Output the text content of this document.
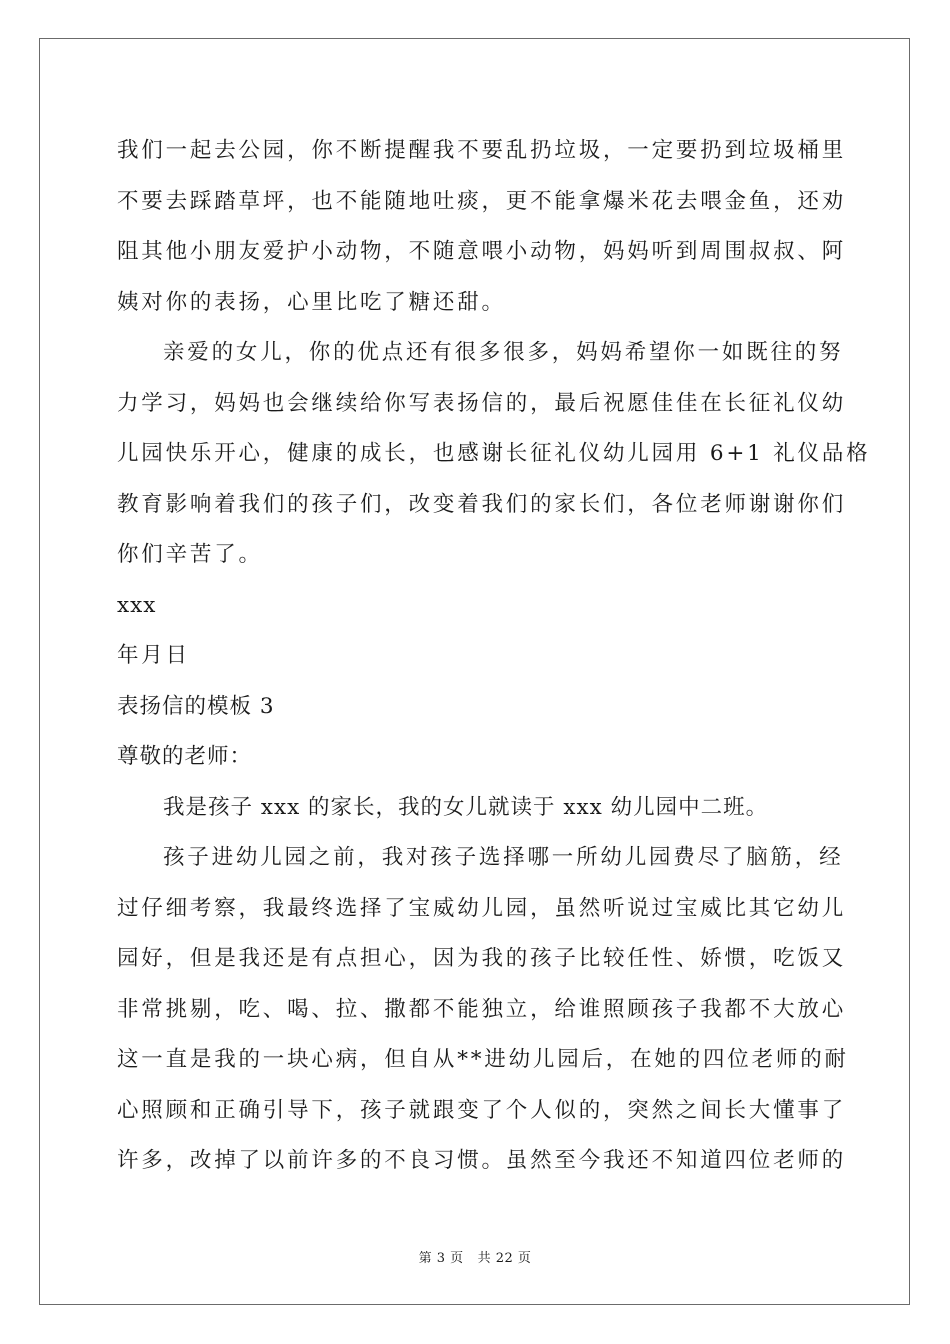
我们一起去公园，你不断提醒我不要乱扔垃圾，一定要扔到垃圾桶里
不要去踩踏草坪，也不能随地吐痰，更不能拿爆米花去喂金鱼，还劝
阻其他小朋友爱护小动物，不随意喂小动物，妈妈听到周围叔叔、阿
姨对你的表扬，心里比吃了糖还甜。
亲爱的女儿，你的优点还有很多很多，妈妈希望你一如既往的努
力学习，妈妈也会继续给你写表扬信的，最后祝愿佳佳在长征礼仪幼
儿园快乐开心，健康的成长，也感谢长征礼仪幼儿园用 6+1 礼仪品格
教育影响着我们的孩子们，改变着我们的家长们，各位老师谢谢你们
你们辛苦了。
xxx
年月日
表扬信的模板 3
尊敬的老师：
我是孩子 xxx 的家长，我的女儿就读于 xxx 幼儿园中二班。
孩子进幼儿园之前，我对孩子选择哪一所幼儿园费尽了脑筋，经
过仔细考察，我最终选择了宝威幼儿园，虽然听说过宝威比其它幼儿
园好，但是我还是有点担心，因为我的孩子比较任性、娇惯，吃饭又
非常挑剔，吃、喝、拉、撒都不能独立，给谁照顾孩子我都不大放心
这一直是我的一块心病，但自从**进幼儿园后，在她的四位老师的耐
心照顾和正确引导下，孩子就跟变了个人似的，突然之间长大懂事了
许多，改掉了以前许多的不良习惯。虽然至今我还不知道四位老师的
第 3 页 共 22 页
